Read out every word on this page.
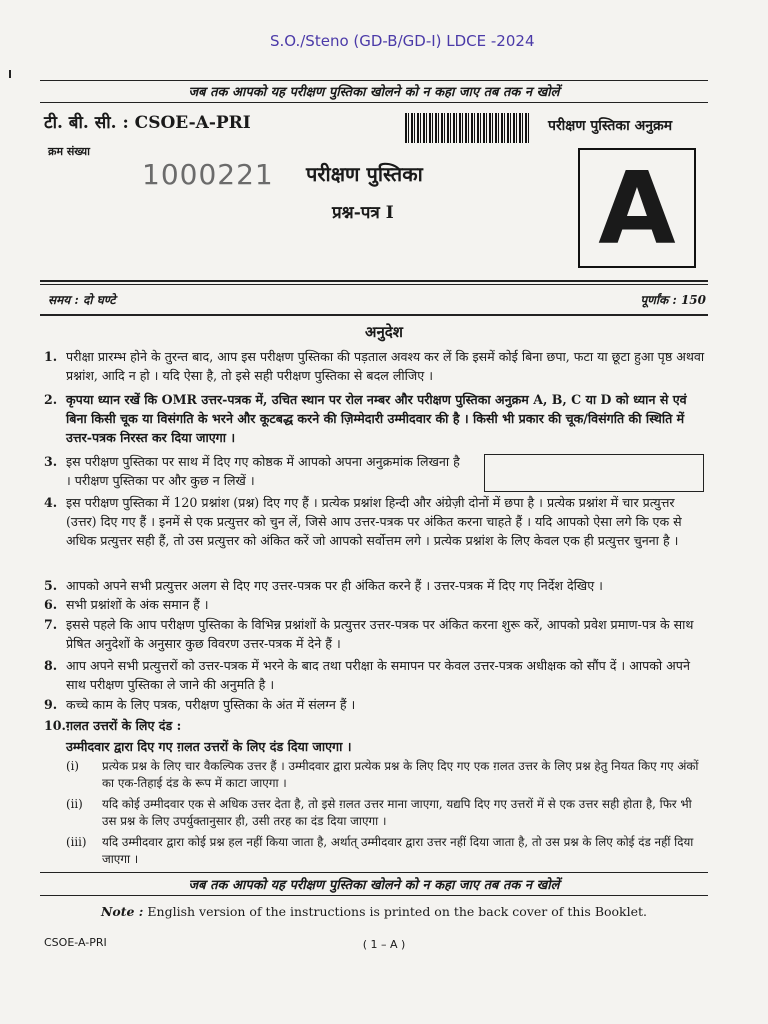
S.O./Steno (GD-B/GD-I) LDCE -2024
जब तक आपको यह परीक्षण पुस्तिका खोलने को न कहा जाए तब तक न खोलें
टी. बी. सी. : CSOE-A-PRI	परीक्षण पुस्तिका अनुक्रम
क्रम संख्या
1000221 परीक्षण पुस्तिका
प्रश्न-पत्र I A
समय : दो घण्टे	पूर्णांक : 150
अनुदेश
1. परीक्षा प्रारम्भ होने के तुरन्त बाद, आप इस परीक्षण पुस्तिका की पड़ताल अवश्य कर लें कि इसमें कोई बिना छपा, फटा या छूटा हुआ पृष्ठ अथवा प्रश्नांश, आदि न हो । यदि ऐसा है, तो इसे सही परीक्षण पुस्तिका से बदल लीजिए ।
2. कृपया ध्यान रखें कि OMR उत्तर-पत्रक में, उचित स्थान पर रोल नम्बर और परीक्षण पुस्तिका अनुक्रम A, B, C या D को ध्यान से एवं बिना किसी चूक या विसंगति के भरने और कूटबद्ध करने की ज़िम्मेदारी उम्मीदवार की है । किसी भी प्रकार की चूक/विसंगति की स्थिति में उत्तर-पत्रक निरस्त कर दिया जाएगा ।
3. इस परीक्षण पुस्तिका पर साथ में दिए गए कोष्ठक में आपको अपना अनुक्रमांक लिखना है । परीक्षण पुस्तिका पर और कुछ न लिखें ।
4. इस परीक्षण पुस्तिका में 120 प्रश्नांश (प्रश्न) दिए गए हैं । प्रत्येक प्रश्नांश हिन्दी और अंग्रेज़ी दोनों में छपा है । प्रत्येक प्रश्नांश में चार प्रत्युत्तर (उत्तर) दिए गए हैं । इनमें से एक प्रत्युत्तर को चुन लें, जिसे आप उत्तर-पत्रक पर अंकित करना चाहते हैं । यदि आपको ऐसा लगे कि एक से अधिक प्रत्युत्तर सही हैं, तो उस प्रत्युत्तर को अंकित करें जो आपको सर्वोत्तम लगे । प्रत्येक प्रश्नांश के लिए केवल एक ही प्रत्युत्तर चुनना है ।
5. आपको अपने सभी प्रत्युत्तर अलग से दिए गए उत्तर-पत्रक पर ही अंकित करने हैं । उत्तर-पत्रक में दिए गए निर्देश देखिए ।
6. सभी प्रश्नांशों के अंक समान हैं ।
7. इससे पहले कि आप परीक्षण पुस्तिका के विभिन्न प्रश्नांशों के प्रत्युत्तर उत्तर-पत्रक पर अंकित करना शुरू करें, आपको प्रवेश प्रमाण-पत्र के साथ प्रेषित अनुदेशों के अनुसार कुछ विवरण उत्तर-पत्रक में देने हैं ।
8. आप अपने सभी प्रत्युत्तरों को उत्तर-पत्रक में भरने के बाद तथा परीक्षा के समापन पर केवल उत्तर-पत्रक अधीक्षक को सौंप दें । आपको अपने साथ परीक्षण पुस्तिका ले जाने की अनुमति है ।
9. कच्चे काम के लिए पत्रक, परीक्षण पुस्तिका के अंत में संलग्न हैं ।
10. ग़लत उत्तरों के लिए दंड :
उम्मीदवार द्वारा दिए गए ग़लत उत्तरों के लिए दंड दिया जाएगा ।
(i) प्रत्येक प्रश्न के लिए चार वैकल्पिक उत्तर हैं । उम्मीदवार द्वारा प्रत्येक प्रश्न के लिए दिए गए एक ग़लत उत्तर के लिए प्रश्न हेतु नियत किए गए अंकों का एक-तिहाई दंड के रूप में काटा जाएगा ।
(ii) यदि कोई उम्मीदवार एक से अधिक उत्तर देता है, तो इसे ग़लत उत्तर माना जाएगा, यद्यपि दिए गए उत्तरों में से एक उत्तर सही होता है, फिर भी उस प्रश्न के लिए उपर्युक्तानुसार ही, उसी तरह का दंड दिया जाएगा ।
(iii) यदि उम्मीदवार द्वारा कोई प्रश्न हल नहीं किया जाता है, अर्थात् उम्मीदवार द्वारा उत्तर नहीं दिया जाता है, तो उस प्रश्न के लिए कोई दंड नहीं दिया जाएगा ।
जब तक आपको यह परीक्षण पुस्तिका खोलने को न कहा जाए तब तक न खोलें
Note : English version of the instructions is printed on the back cover of this Booklet.
CSOE-A-PRI	( 1 – A )
